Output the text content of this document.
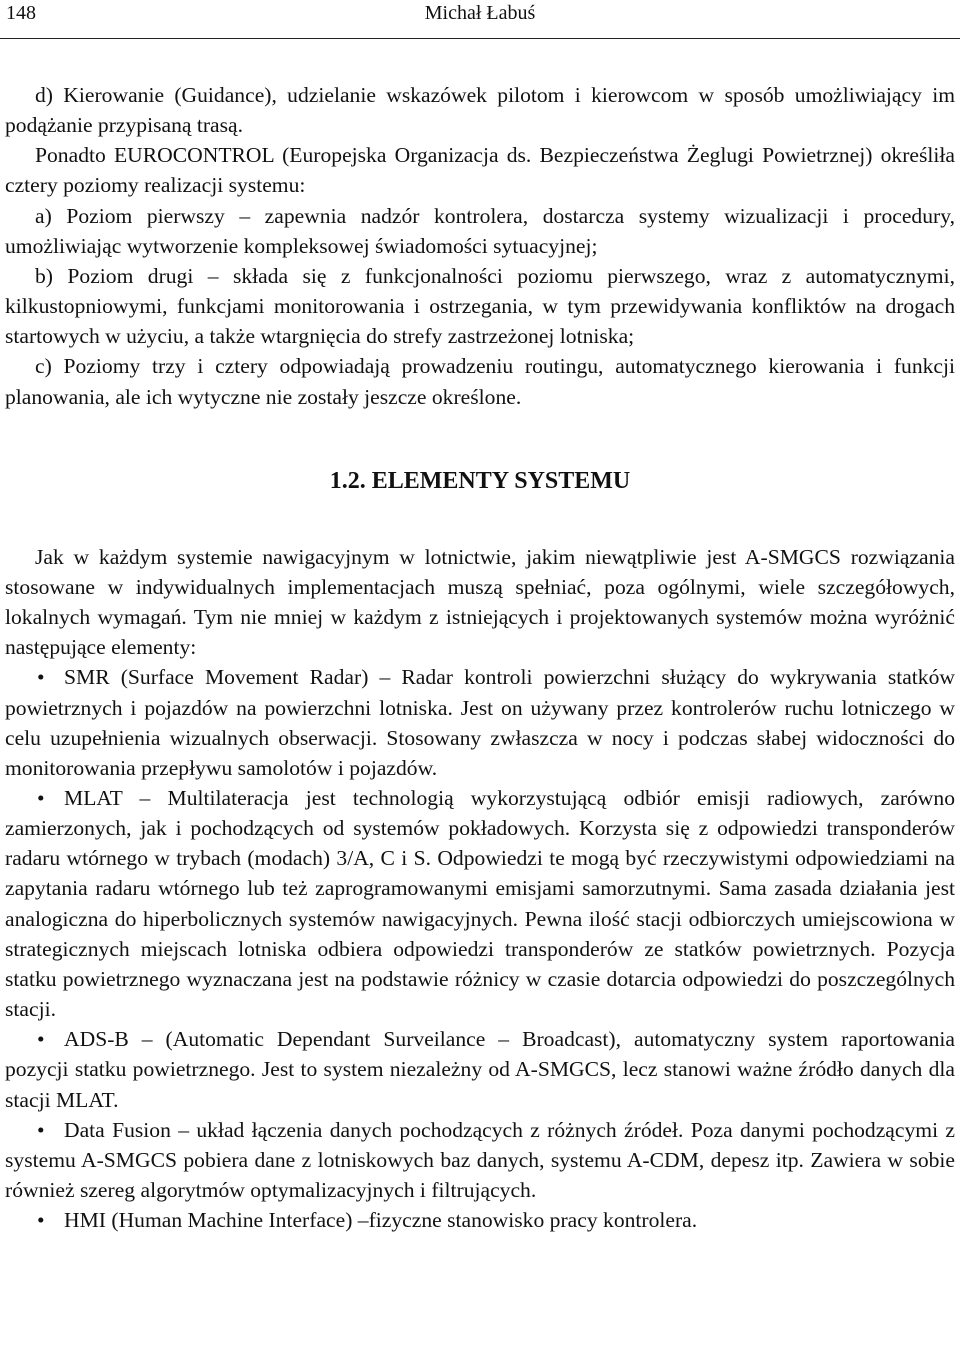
148	Michał Łabuś

d) Kierowanie (Guidance), udzielanie wskazówek pilotom i kierowcom w sposób umożliwiający im podążanie przypisaną trasą.

Ponadto EUROCONTROL (Europejska Organizacja ds. Bezpieczeństwa Żeglugi Powietrznej) określiła cztery poziomy realizacji systemu:

a) Poziom pierwszy – zapewnia nadzór kontrolera, dostarcza systemy wizualizacji i procedury, umożliwiając wytworzenie kompleksowej świadomości sytuacyjnej;

b) Poziom drugi – składa się z funkcjonalności poziomu pierwszego, wraz z automatycznymi, kilkustopniowymi, funkcjami monitorowania i ostrzegania, w tym przewidywania konfliktów na drogach startowych w użyciu, a także wtargnięcia do strefy zastrzeżonej lotniska;

c) Poziomy trzy i cztery odpowiadają prowadzeniu routingu, automatycznego kierowania i funkcji planowania, ale ich wytyczne nie zostały jeszcze określone.

1.2. ELEMENTY SYSTEMU

Jak w każdym systemie nawigacyjnym w lotnictwie, jakim niewątpliwie jest A-SMGCS rozwiązania stosowane w indywidualnych implementacjach muszą spełniać, poza ogólnymi, wiele szczegółowych, lokalnych wymagań. Tym nie mniej w każdym z istniejących i projektowanych systemów można wyróżnić następujące elementy:

• SMR (Surface Movement Radar) – Radar kontroli powierzchni służący do wykrywania statków powietrznych i pojazdów na powierzchni lotniska. Jest on używany przez kontrolerów ruchu lotniczego w celu uzupełnienia wizualnych obserwacji. Stosowany zwłaszcza w nocy i podczas słabej widoczności do monitorowania przepływu samolotów i pojazdów.

• MLAT – Multilateracja jest technologią wykorzystującą odbiór emisji radiowych, zarówno zamierzonych, jak i pochodzących od systemów pokładowych. Korzysta się z odpowiedzi transponderów radaru wtórnego w trybach (modach) 3/A, C i S. Odpowiedzi te mogą być rzeczywistymi odpowiedziami na zapytania radaru wtórnego lub też zaprogramowanymi emisjami samorzutnymi. Sama zasada działania jest analogiczna do hiperbolicznych systemów nawigacyjnych. Pewna ilość stacji odbiorczych umiejscowiona w strategicznych miejscach lotniska odbiera odpowiedzi transponderów ze statków powietrznych. Pozycja statku powietrznego wyznaczana jest na podstawie różnicy w czasie dotarcia odpowiedzi do poszczególnych stacji.

• ADS-B – (Automatic Dependant Surveilance – Broadcast), automatyczny system raportowania pozycji statku powietrznego. Jest to system niezależny od A-SMGCS, lecz stanowi ważne źródło danych dla stacji MLAT.

• Data Fusion – układ łączenia danych pochodzących z różnych źródeł. Poza danymi pochodzącymi z systemu A-SMGCS pobiera dane z lotniskowych baz danych, systemu A-CDM, depesz itp. Zawiera w sobie również szereg algorytmów optymalizacyjnych i filtrujących.

• HMI (Human Machine Interface) –fizyczne stanowisko pracy kontrolera.
